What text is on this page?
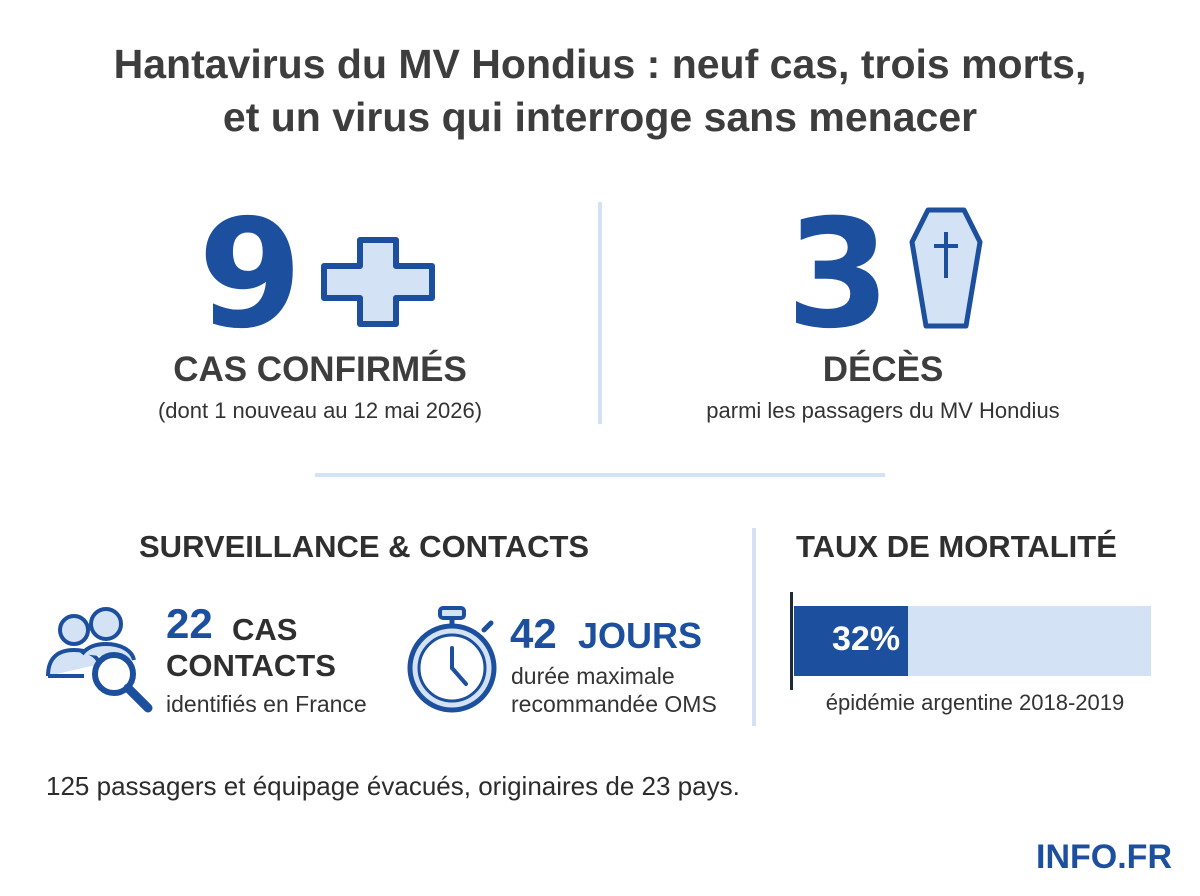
Hantavirus du MV Hondius : neuf cas, trois morts,
et un virus qui interroge sans menacer
9
CAS CONFIRMÉS
(dont 1 nouveau au 12 mai 2026)
3
DÉCÈS
parmi les passagers du MV Hondius
SURVEILLANCE & CONTACTS
22 CAS
CONTACTS
identifiés en France
42 JOURS
durée maximale
recommandée OMS
TAUX DE MORTALITÉ
32%
épidémie argentine 2018-2019
125 passagers et équipage évacués, originaires de 23 pays.
INFO.FR
